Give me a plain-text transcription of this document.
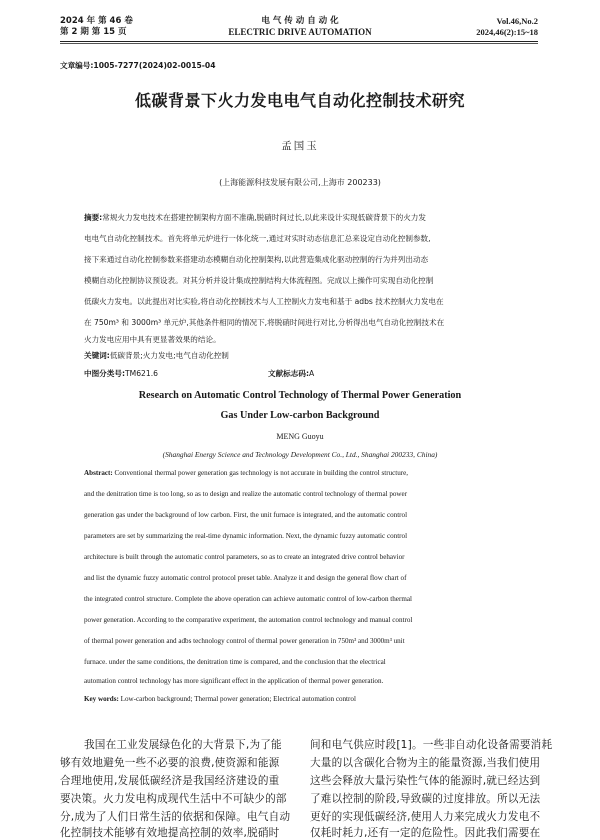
2024 年 第 46 卷
第 2 期 第 15 页
电 气 传 动 自 动 化
ELECTRIC DRIVE AUTOMATION
Vol.46,No.2
2024,46(2):15~18
文章编号:1005-7277(2024)02-0015-04
低碳背景下火力发电电气自动化控制技术研究
孟国玉
(上海能源科技发展有限公司,上海市 200233)
摘要:常规火力发电技术在搭建控制架构方面不准确,脱硝时间过长,以此来设计实现低碳背景下的火力发
电电气自动化控制技术。首先将单元炉进行一体化统一,通过对实时动态信息汇总来设定自动化控制参数,
接下来通过自动化控制参数来搭建动态模糊自动化控制架构,以此营造集成化驱动控制的行为并列出动态
模糊自动化控制协议预设表。对其分析并设计集成控制结构大体流程图。完成以上操作可实现自动化控制
低碳火力发电。以此提出对比实验,将自动化控制技术与人工控制火力发电和基于 adbs 技术控制火力发电在
在 750m³ 和 3000m³ 单元炉,其他条件相同的情况下,将脱硝时间进行对比,分析得出电气自动化控制技术在
火力发电应用中具有更显著效果的结论。
关键词:低碳背景;火力发电;电气自动化控制
中图分类号:TM621.6	文献标志码:A
Research on Automatic Control Technology of Thermal Power Generation
Gas Under Low-carbon Background
MENG Guoyu
(Shanghai Energy Science and Technology Development Co., Ltd., Shanghai 200233, China)
Abstract: Conventional thermal power generation gas technology is not accurate in building the control structure,
and the denitration time is too long, so as to design and realize the automatic control technology of thermal power
generation gas under the background of low carbon. First, the unit furnace is integrated, and the automatic control
parameters are set by summarizing the real-time dynamic information. Next, the dynamic fuzzy automatic control
architecture is built through the automatic control parameters, so as to create an integrated drive control behavior
and list the dynamic fuzzy automatic control protocol preset table. Analyze it and design the general flow chart of
the integrated control structure. Complete the above operation can achieve automatic control of low-carbon thermal
power generation. According to the comparative experiment, the automation control technology and manual control
of thermal power generation and adbs technology control of thermal power generation in 750m³ and 3000m³ unit
furnace. under the same conditions, the denitration time is compared, and the conclusion that the electrical
automation control technology has more significant effect in the application of thermal power generation.
Key words: Low-carbon background; Thermal power generation; Electrical automation control
我国在工业发展绿色化的大背景下,为了能
够有效地避免一些不必要的浪费,使资源和能源
合理地使用,发展低碳经济是我国经济建设的重
要决策。火力发电构成现代生活中不可缺少的部
分,成为了人们日常生活的依据和保障。电气自动
化控制技术能够有效地提高控制的效率,脱硝时
间和电气供应时段[1]。一些非自动化设备需要消耗
大量的以含碳化合物为主的能量资源,当我们使用
这些会释放大量污染性气体的能源时,就已经达到
了难以控制的阶段,导致碳的过度排放。所以无法
更好的实现低碳经济,使用人力来完成火力发电不
仅耗时耗力,还有一定的危险性。因此我们需要在
